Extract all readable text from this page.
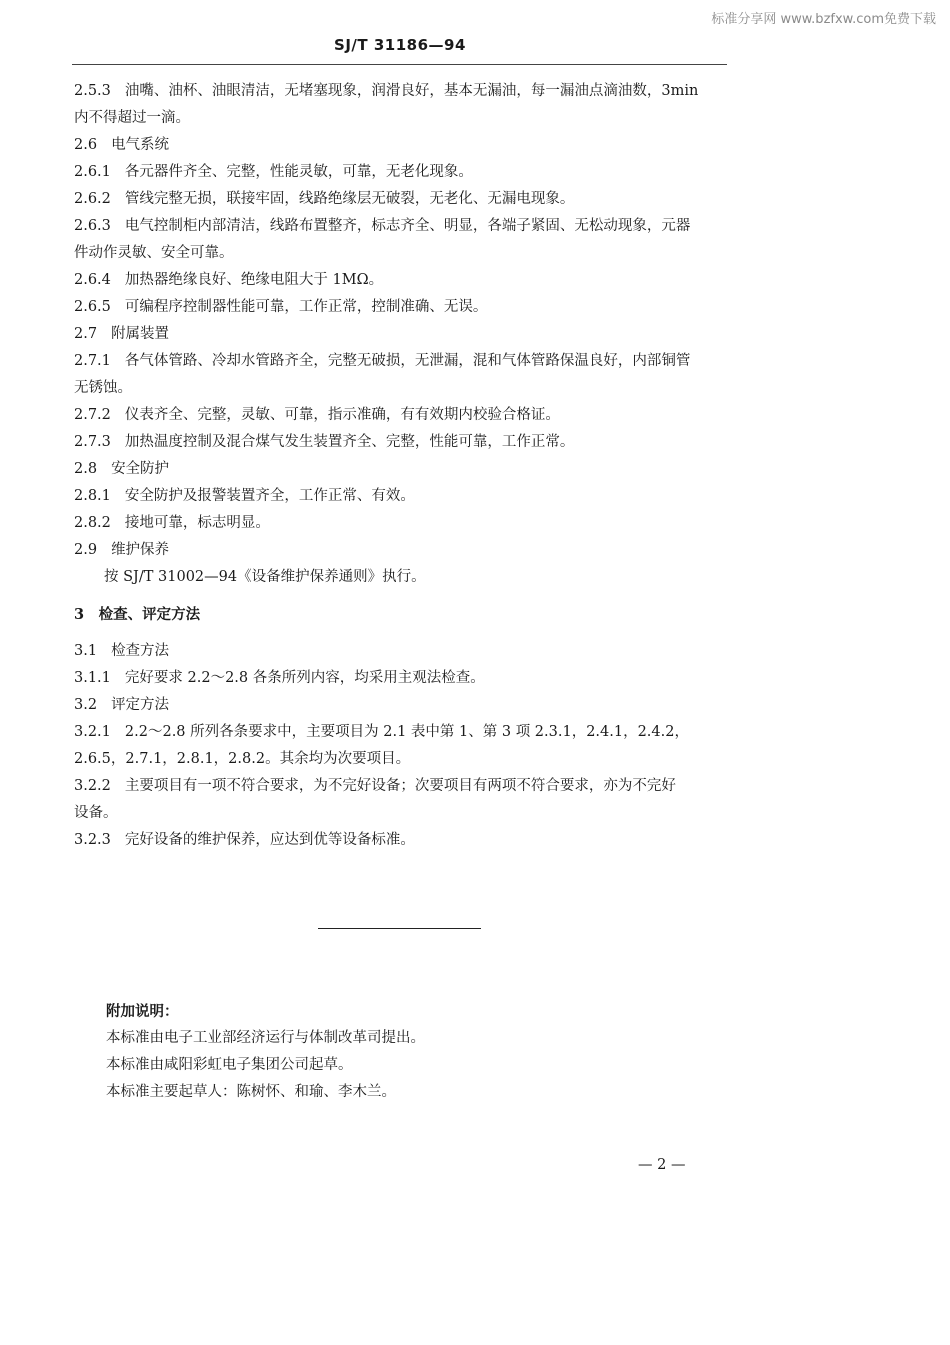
标准分享网 www.bzfxw.com免费下载
SJ/T 31186—94
2.5.3 油嘴、油杯、油眼清洁，无堵塞现象，润滑良好，基本无漏油，每一漏油点滴油数，3min
内不得超过一滴。
2.6 电气系统
2.6.1 各元器件齐全、完整，性能灵敏，可靠，无老化现象。
2.6.2 管线完整无损，联接牢固，线路绝缘层无破裂，无老化、无漏电现象。
2.6.3 电气控制柜内部清洁，线路布置整齐，标志齐全、明显，各端子紧固、无松动现象，元器
件动作灵敏、安全可靠。
2.6.4 加热器绝缘良好、绝缘电阻大于 1MΩ。
2.6.5 可编程序控制器性能可靠，工作正常，控制准确、无误。
2.7 附属装置
2.7.1 各气体管路、冷却水管路齐全，完整无破损，无泄漏，混和气体管路保温良好，内部铜管
无锈蚀。
2.7.2 仪表齐全、完整，灵敏、可靠，指示准确，有有效期内校验合格证。
2.7.3 加热温度控制及混合煤气发生装置齐全、完整，性能可靠，工作正常。
2.8 安全防护
2.8.1 安全防护及报警装置齐全，工作正常、有效。
2.8.2 接地可靠，标志明显。
2.9 维护保养
按 SJ/T 31002—94《设备维护保养通则》执行。
3　检查、评定方法
3.1 检查方法
3.1.1 完好要求 2.2～2.8 各条所列内容，均采用主观法检查。
3.2 评定方法
3.2.1 2.2～2.8 所列各条要求中，主要项目为 2.1 表中第 1、第 3 项 2.3.1，2.4.1，2.4.2，
2.6.5，2.7.1，2.8.1，2.8.2。其余均为次要项目。
3.2.2 主要项目有一项不符合要求，为不完好设备；次要项目有两项不符合要求，亦为不完好
设备。
3.2.3 完好设备的维护保养，应达到优等设备标准。
附加说明：
本标准由电子工业部经济运行与体制改革司提出。
本标准由咸阳彩虹电子集团公司起草。
本标准主要起草人：陈树怀、和瑜、李木兰。
— 2 —
